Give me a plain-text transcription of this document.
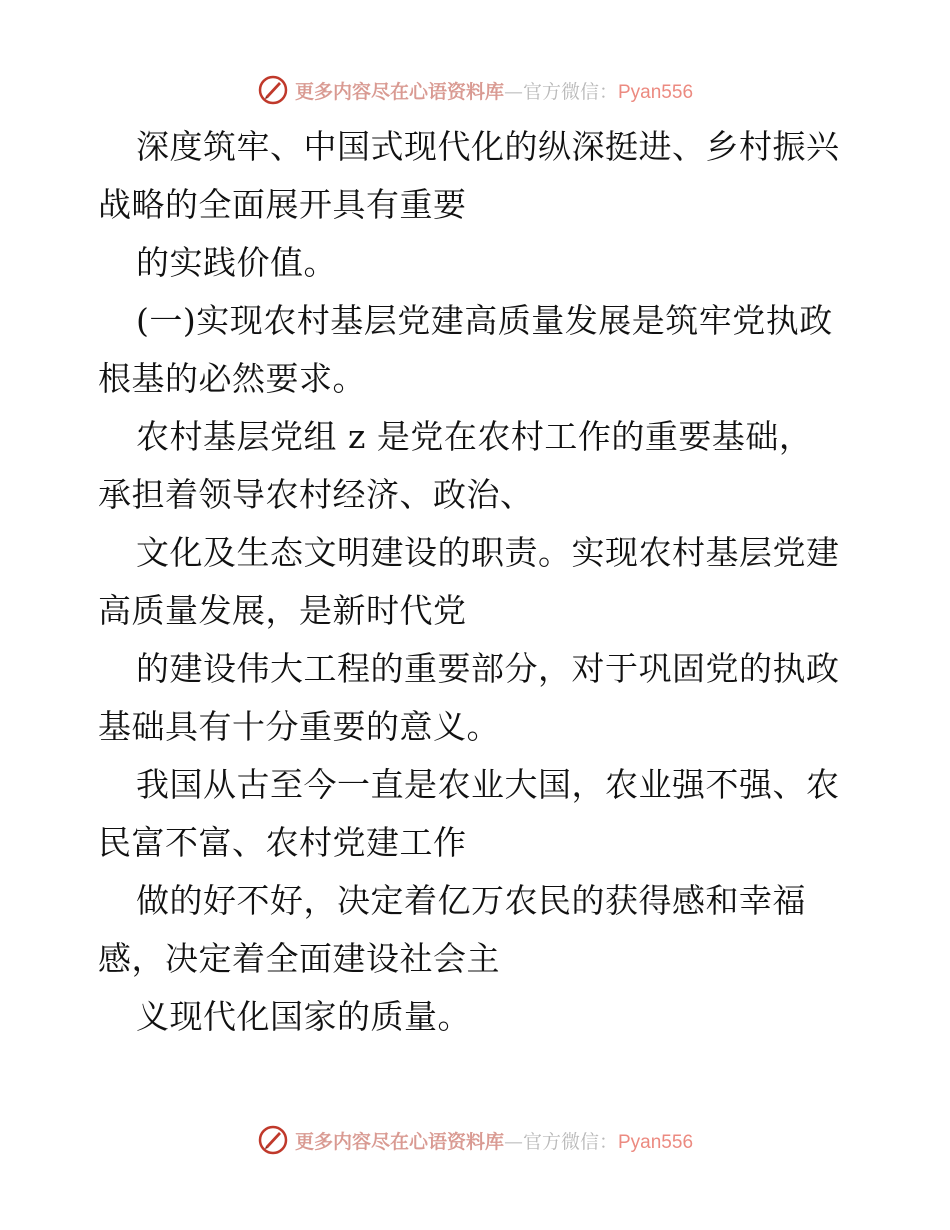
更多内容尽在心语资料库—官方微信：Pyan556
深度筑牢、中国式现代化的纵深挺进、乡村振兴
战略的全面展开具有重要
的实践价值。
(一)实现农村基层党建高质量发展是筑牢党执政
根基的必然要求。
农村基层党组 z 是党在农村工作的重要基础，
承担着领导农村经济、政治、
文化及生态文明建设的职责。实现农村基层党建
高质量发展，是新时代党
的建设伟大工程的重要部分，对于巩固党的执政
基础具有十分重要的意义。
我国从古至今一直是农业大国，农业强不强、农
民富不富、农村党建工作
做的好不好，决定着亿万农民的获得感和幸福
感，决定着全面建设社会主
义现代化国家的质量。
更多内容尽在心语资料库—官方微信：Pyan556
